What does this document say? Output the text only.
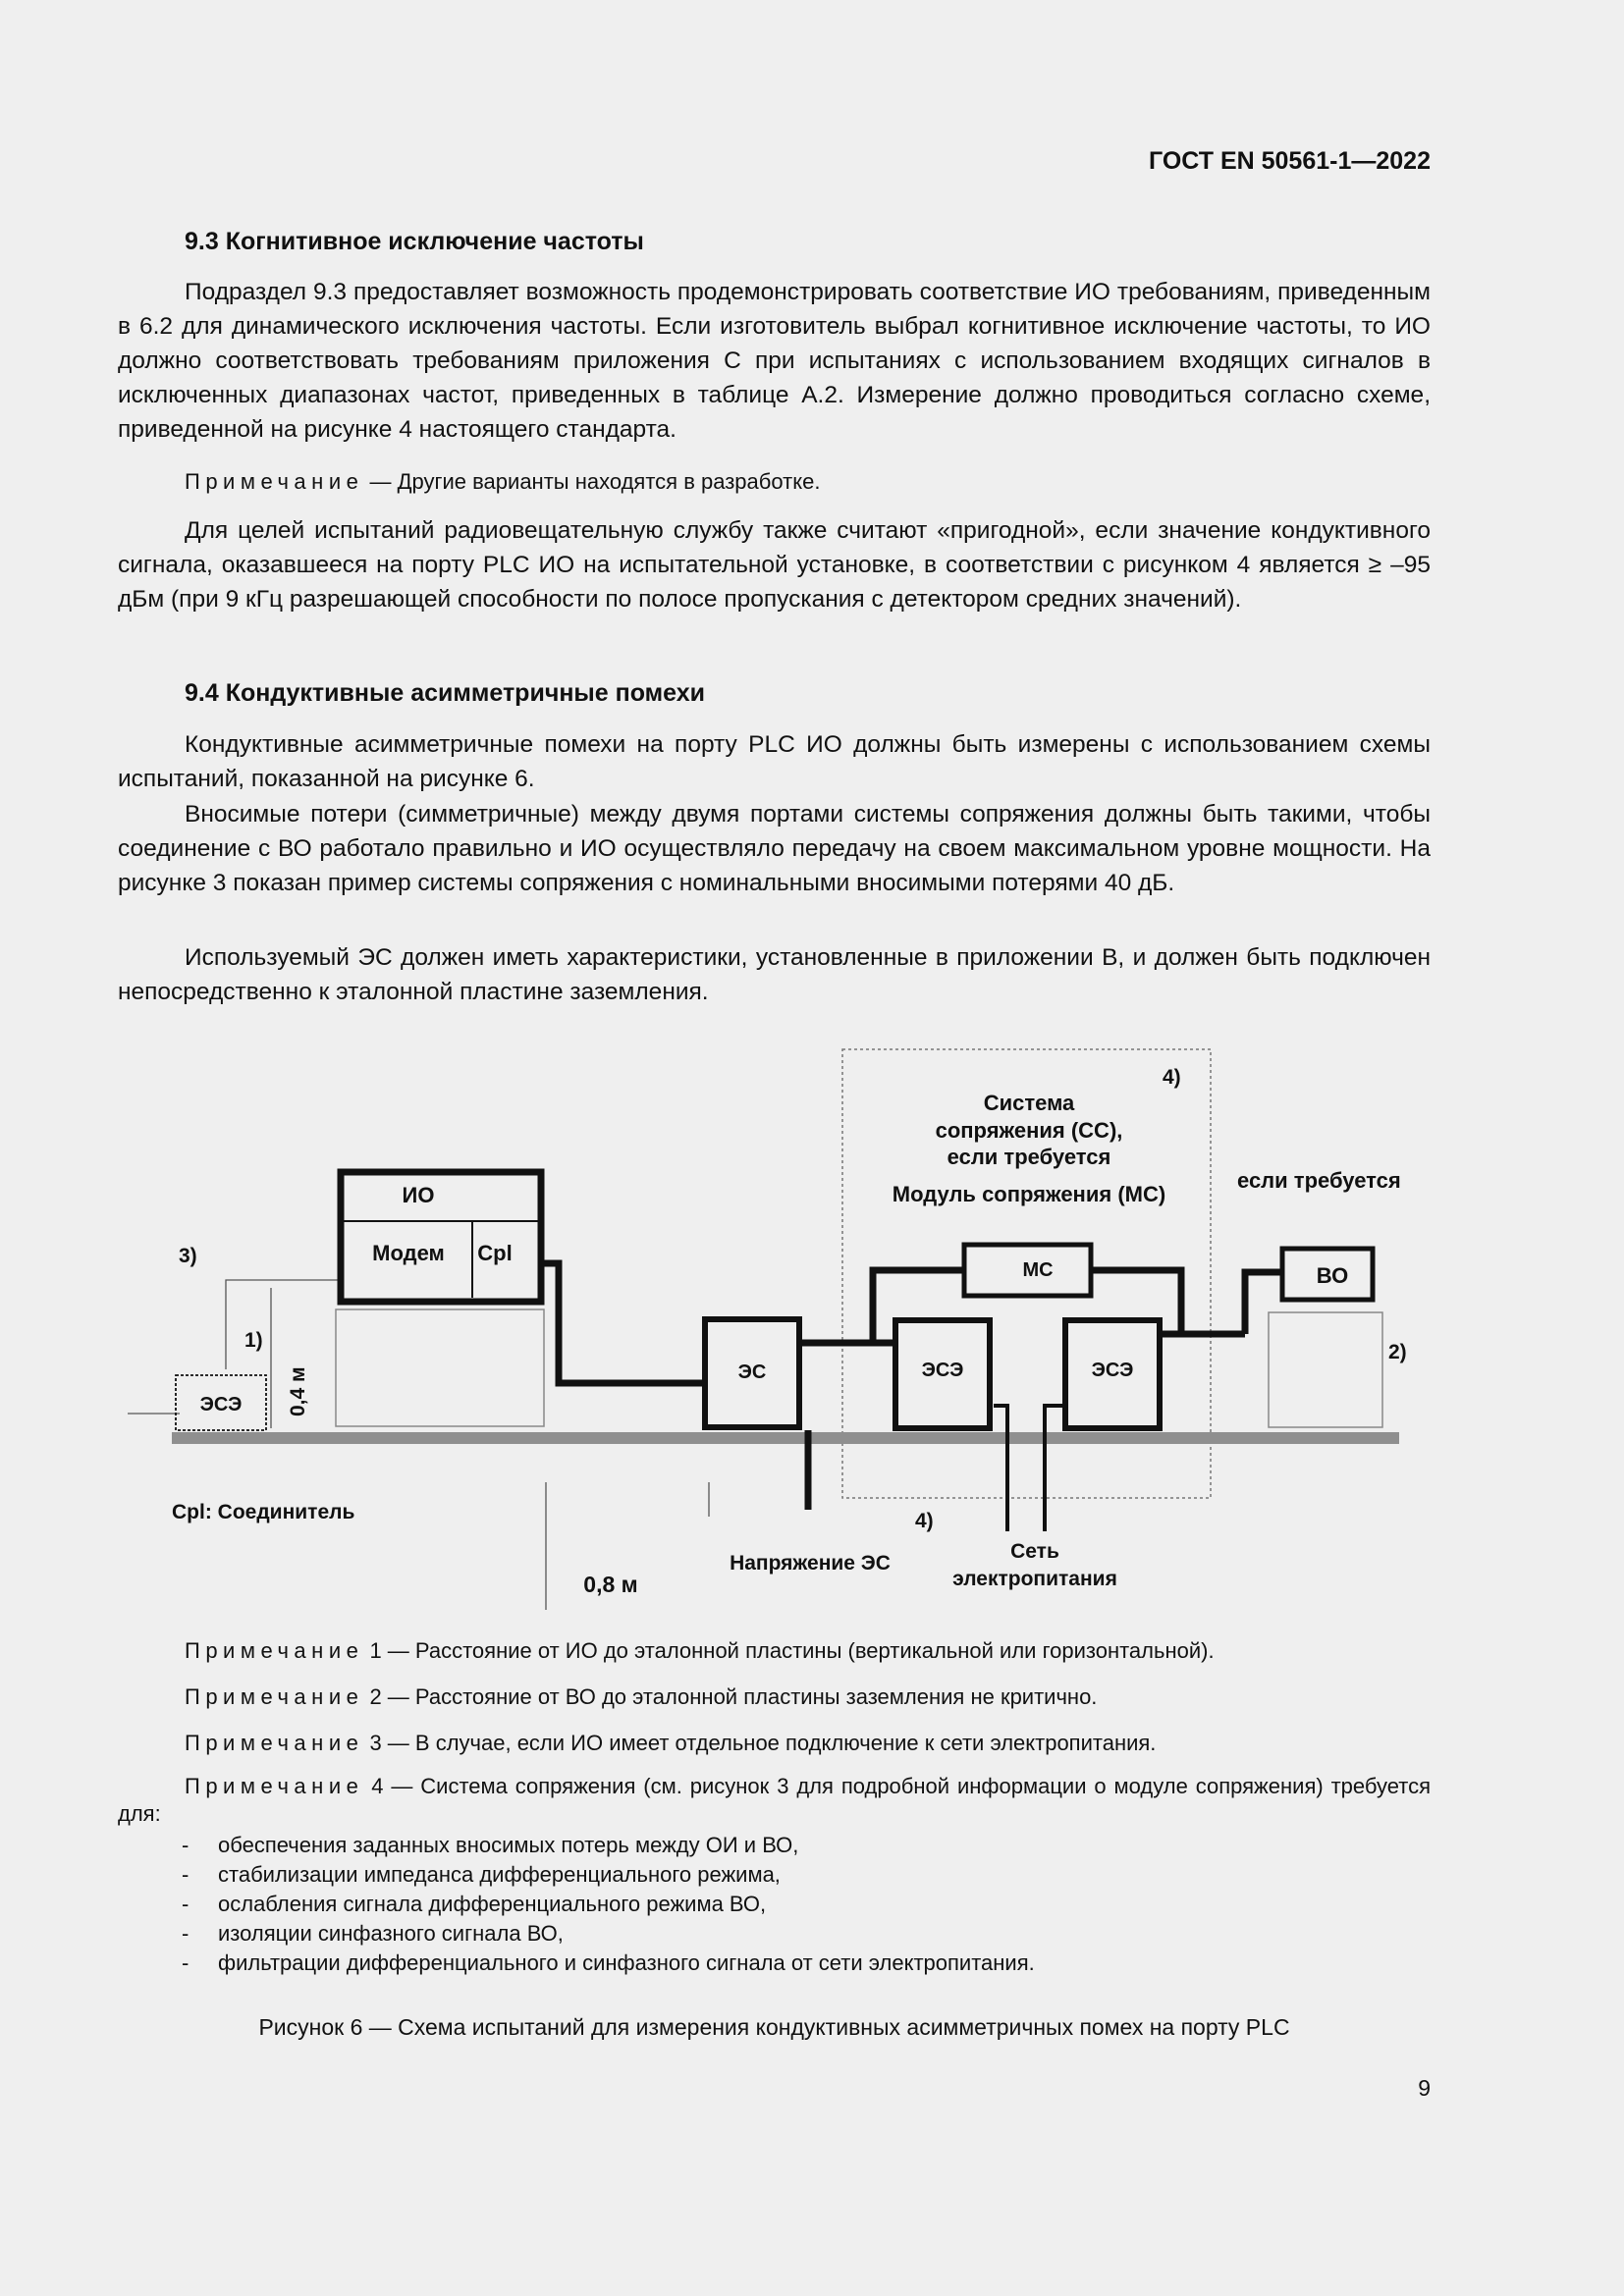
ГОСТ EN 50561-1—2022
9.3 Когнитивное исключение частоты
Подраздел 9.3 предоставляет возможность продемонстрировать соответствие ИО требованиям, приведенным в 6.2 для динамического исключения частоты. Если изготовитель выбрал когнитивное исключение частоты, то ИО должно соответствовать требованиям приложения С при испытаниях с использованием входящих сигналов в исключенных диапазонах частот, приведенных в таблице А.2. Измерение должно проводиться согласно схеме, приведенной на рисунке 4 настоящего стандарта.
Примечание — Другие варианты находятся в разработке.
Для целей испытаний радиовещательную службу также считают «пригодной», если значение кондуктивного сигнала, оказавшееся на порту PLC ИО на испытательной установке, в соответствии с рисунком 4 является ≥ –95 дБм (при 9 кГц разрешающей способности по полосе пропускания с детектором средних значений).
9.4 Кондуктивные асимметричные помехи
Кондуктивные асимметричные помехи на порту PLC ИО должны быть измерены с использованием схемы испытаний, показанной на рисунке 6.
Вносимые потери (симметричные) между двумя портами системы сопряжения должны быть такими, чтобы соединение с ВО работало правильно и ИО осуществляло передачу на своем максимальном уровне мощности. На рисунке 3 показан пример системы сопряжения с номинальными вносимыми потерями 40 дБ.
Используемый ЭС должен иметь характеристики, установленные в приложении В, и должен быть подключен непосредственно к эталонной пластине заземления.
ИО
Модем Cpl
ЭСЭ
ЭС	ЭСЭ	ЭСЭ
МС	ВО
4)
Система
сопряжения (СС),
если требуется
Модуль сопряжения (МС)
если требуется
3)
1)
2)
4)
0,4 м
0,8 м
Cpl: Соединитель
Напряжение ЭС
Сеть
электропитания
Примечание 1 — Расстояние от ИО до эталонной пластины (вертикальной или горизонтальной).
Примечание 2 — Расстояние от ВО до эталонной пластины заземления не критично.
Примечание 3 — В случае, если ИО имеет отдельное подключение к сети электропитания.
Примечание 4 — Система сопряжения (см. рисунок 3 для подробной информации о модуле сопряжения) требуется для:
- обеспечения заданных вносимых потерь между ОИ и ВО,
- стабилизации импеданса дифференциального режима,
- ослабления сигнала дифференциального режима ВО,
- изоляции синфазного сигнала ВО,
- фильтрации дифференциального и синфазного сигнала от сети электропитания.
Рисунок 6 — Схема испытаний для измерения кондуктивных асимметричных помех на порту PLC
9
